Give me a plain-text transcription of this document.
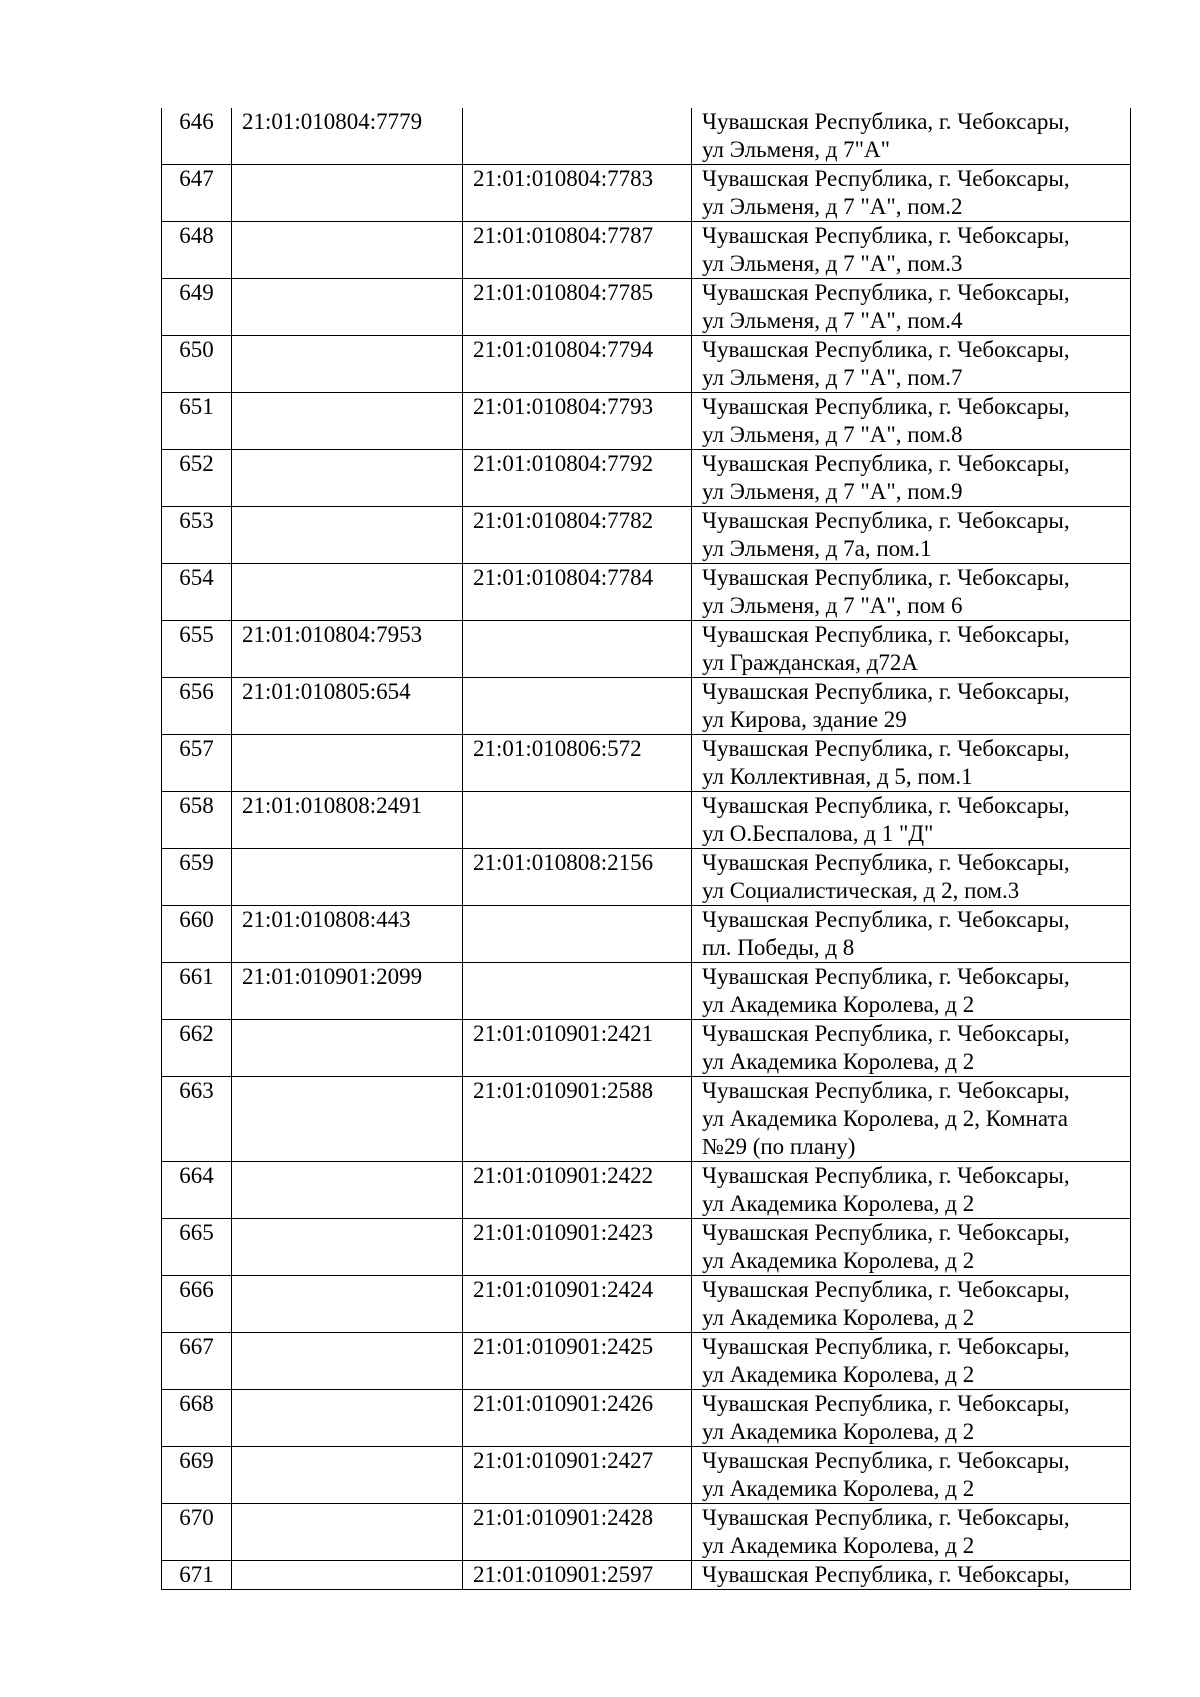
646	21:01:010804:7779		Чувашская Республика, г. Чебоксары,
ул Эльменя, д 7"А"

647		21:01:010804:7783	Чувашская Республика, г. Чебоксары,
ул Эльменя, д 7 "А", пом.2

648		21:01:010804:7787	Чувашская Республика, г. Чебоксары,
ул Эльменя, д 7 "А", пом.3

649		21:01:010804:7785	Чувашская Республика, г. Чебоксары,
ул Эльменя, д 7 "А", пом.4

650		21:01:010804:7794	Чувашская Республика, г. Чебоксары,
ул Эльменя, д 7 "А", пом.7

651		21:01:010804:7793	Чувашская Республика, г. Чебоксары,
ул Эльменя, д 7 "А", пом.8

652		21:01:010804:7792	Чувашская Республика, г. Чебоксары,
ул Эльменя, д 7 "А", пом.9

653		21:01:010804:7782	Чувашская Республика, г. Чебоксары,
ул Эльменя, д 7а, пом.1

654		21:01:010804:7784	Чувашская Республика, г. Чебоксары,
ул Эльменя, д 7 "А", пом 6

655	21:01:010804:7953		Чувашская Республика, г. Чебоксары,
ул Гражданская, д72А

656	21:01:010805:654		Чувашская Республика, г. Чебоксары,
ул Кирова, здание 29

657		21:01:010806:572	Чувашская Республика, г. Чебоксары,
ул Коллективная, д 5, пом.1

658	21:01:010808:2491		Чувашская Республика, г. Чебоксары,
ул О.Беспалова, д 1 "Д"

659		21:01:010808:2156	Чувашская Республика, г. Чебоксары,
ул Социалистическая, д 2, пом.3

660	21:01:010808:443		Чувашская Республика, г. Чебоксары,
пл. Победы, д 8

661	21:01:010901:2099		Чувашская Республика, г. Чебоксары,
ул Академика Королева, д 2

662		21:01:010901:2421	Чувашская Республика, г. Чебоксары,
ул Академика Королева, д 2

663		21:01:010901:2588	Чувашская Республика, г. Чебоксары,
ул Академика Королева, д 2, Комната
№29 (по плану)

664		21:01:010901:2422	Чувашская Республика, г. Чебоксары,
ул Академика Королева, д 2

665		21:01:010901:2423	Чувашская Республика, г. Чебоксары,
ул Академика Королева, д 2

666		21:01:010901:2424	Чувашская Республика, г. Чебоксары,
ул Академика Королева, д 2

667		21:01:010901:2425	Чувашская Республика, г. Чебоксары,
ул Академика Королева, д 2

668		21:01:010901:2426	Чувашская Республика, г. Чебоксары,
ул Академика Королева, д 2

669		21:01:010901:2427	Чувашская Республика, г. Чебоксары,
ул Академика Королева, д 2

670		21:01:010901:2428	Чувашская Республика, г. Чебоксары,
ул Академика Королева, д 2

671		21:01:010901:2597	Чувашская Республика, г. Чебоксары,
